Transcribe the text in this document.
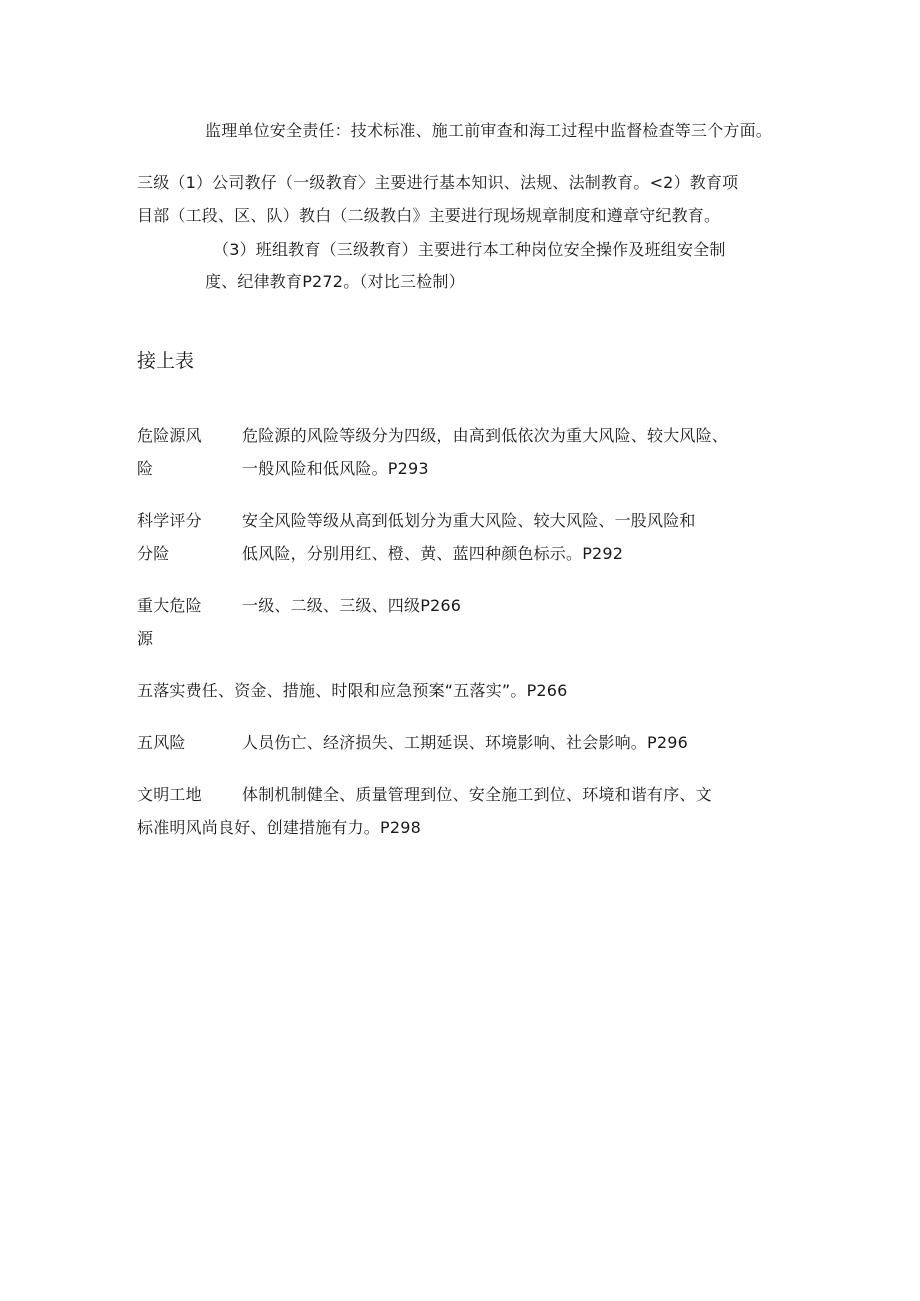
监理单位安全责任：技术标准、施工前审查和海工过程中监督检查等三个方面。
三级（1）公司教仔（一级教育〉主要进行基本知识、法规、法制教育。<2）教育项
目部（工段、区、队）教白（二级教白》主要进行现场规章制度和遵章守纪教育。
（3）班组教育（三级教育）主要进行本工种岗位安全操作及班组安全制
度、纪律教育P272。（对比三检制）
接上表
危险源风
险
危险源的风险等级分为四级，由高到低依次为重大风险、较大风险、
一般风险和低风险。P293
科学评分
分险
安全风险等级从高到低划分为重大风险、较大风险、一股风险和
低风险，分别用红、橙、黄、蓝四种颜色标示。P292
重大危险
源
一级、二级、三级、四级P266
五落实费任、资金、措施、时限和应急预案“五落实”。P266
五风险	人员伤亡、经济损失、工期延误、环境影响、社会影响。P296
文明工地	体制机制健全、质量管理到位、安全施工到位、环境和谐有序、文
标准明风尚良好、创建措施有力。P298
